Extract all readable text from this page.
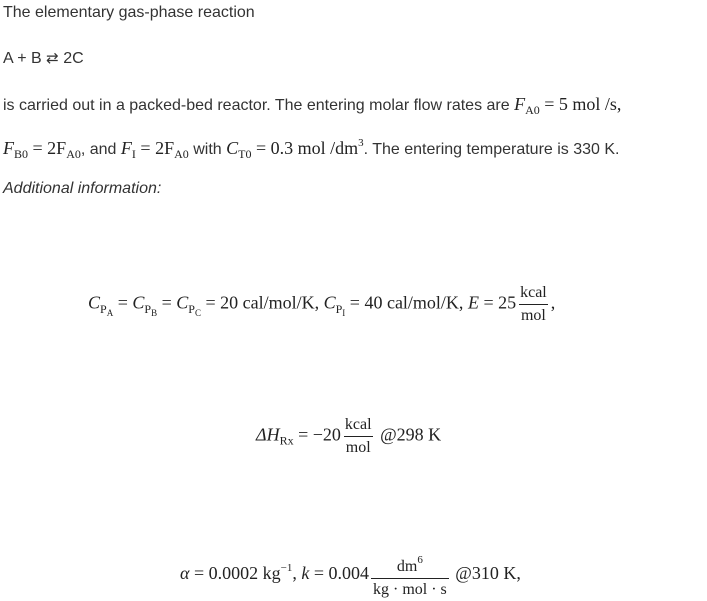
The elementary gas-phase reaction
A + B ⇄ 2C
is carried out in a packed-bed reactor. The entering molar flow rates are $F_{A0} = 5$ mol /s,
$F_{B0} = 2F_{A0}$, and $F_I = 2F_{A0}$ with $C_{T0} = 0.3$ mol $/dm^3$. The entering temperature is 330 K.
Additional information:
$C_{P_A} = C_{P_B} = C_{P_C} = 20$ cal/mol/K, $C_{P_I} = 40$ cal/mol/K, $E = 25 \frac{\text{kcal}}{\text{mol}}$ ,
$\Delta H_{Rx} = -20 \frac{\text{kcal}}{\text{mol}}$ @298 K
α = 0.0002 $kg^{-1}$, $k = 0.004 \frac{dm^6}{\text{kg · mol · s}}$ @310 K,
